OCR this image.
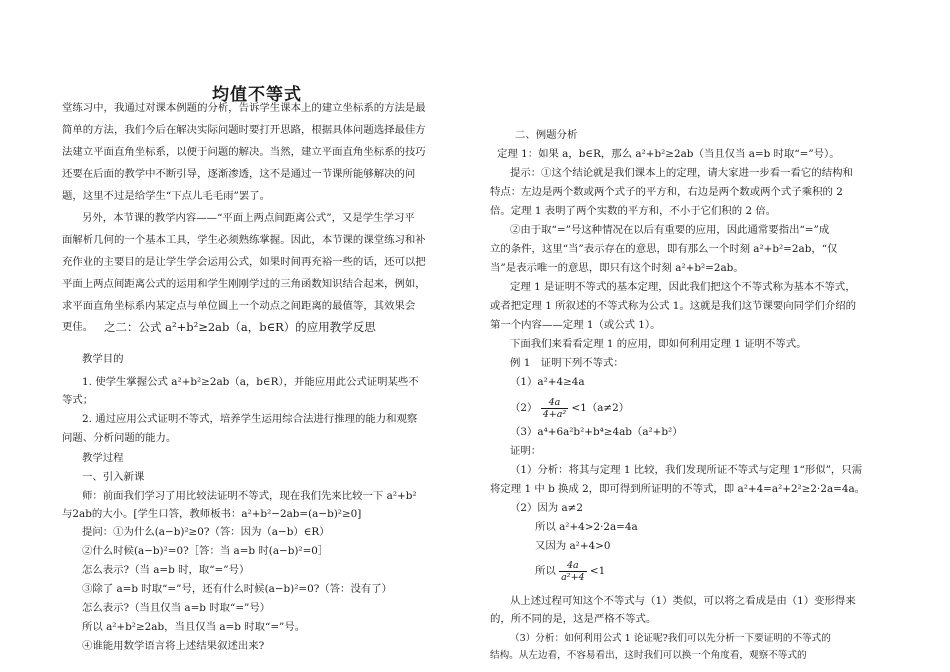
均值不等式
堂练习中，我通过对课本例题的分析，告诉学生课本上的建立坐标系的方法是最
简单的方法，我们今后在解决实际问题时要打开思路，根据具体问题选择最佳方
法建立平面直角坐标系，以便于问题的解决。当然，建立平面直角坐标系的技巧
还要在后面的教学中不断引导，逐渐渗透，这不是通过一节课所能够解决的问
题，这里不过是给学生“下点儿毛毛雨”罢了。
另外，本节课的教学内容——“平面上两点间距离公式”，又是学生学习平
面解析几何的一个基本工具，学生必须熟练掌握。因此，本节课的课堂练习和补
充作业的主要目的是让学生学会运用公式，如果时间再充裕一些的话，还可以把
平面上两点间距离公式的运用和学生刚刚学过的三角函数知识结合起来，例如，
求平面直角坐标系内某定点与单位圆上一个动点之间距离的最值等，其效果会
更佳。 之二：公式 a²+b²≥2ab（a，b∈R）的应用教学反思
教学目的
1. 使学生掌握公式 a²+b²≥2ab（a，b∈R），并能应用此公式证明某些不
等式；
2. 通过应用公式证明不等式，培养学生运用综合法进行推理的能力和观察
问题、分析问题的能力。
教学过程
一、引入新课
师：前面我们学习了用比较法证明不等式，现在我们先来比较一下 a²+b²
与2ab的大小。[学生口答，教师板书：a²+b²−2ab=(a−b)²≥0]
提问：①为什么(a−b)²≥0?（答：因为（a−b）∈R）
②什么时候(a−b)²=0?［答：当 a=b 时(a−b)²=0］
怎么表示?（当 a=b 时，取“=”号）
③除了 a=b 时取“=”号，还有什么时候(a−b)²=0?（答：没有了）
怎么表示?（当且仅当 a=b 时取“=”号）
所以 a²+b²≥2ab，当且仅当 a=b 时取“=”号。
④谁能用数学语言将上述结果叙述出来?
二、例题分析
定理 1：如果 a，b∈R，那么 a²+b²≥2ab（当且仅当 a=b 时取“=”号）。
提示：①这个结论就是我们课本上的定理，请大家进一步看一看它的结构和
特点：左边是两个数或两个式子的平方和，右边是两个数或两个式子乘积的 2
倍。定理 1 表明了两个实数的平方和，不小于它们积的 2 倍。
②由于取“=”号这种情况在以后有重要的应用，因此通常要指出“=”成
立的条件，这里“当”表示存在的意思，即有那么一个时刻 a²+b²=2ab，“仅
当”是表示唯一的意思，即只有这个时刻 a²+b²=2ab。
定理 1 是证明不等式的基本定理，因此我们把这个不等式称为基本不等式，
或者把定理 1 所叙述的不等式称为公式 1。这就是我们这节课要向同学们介绍的
第一个内容——定理 1（或公式 1）。
下面我们来看看定理 1 的应用，即如何利用定理 1 证明不等式。
例 1　证明下列不等式：
（1）a²+4≥4a
$(2) \frac{4a}{\text{4+a²}} <1(a\ne 2)$
（3）a⁴+6a²b²+b⁴≥4ab（a²+b²）
证明：
（1）分析：将其与定理 1 比较，我们发现所证不等式与定理 1“形似”，只需
将定理 1 中 b 换成 2，即可得到所证明的不等式，即 a²+4=a²+2²≥2·2a=4a。
（2）因为 a≠2
所以 a²+4>2·2a=4a
又因为 a²+4>0
所以 $\frac{4a}{\text{a²+4}} <1$
从上述过程可知这个不等式与（1）类似，可以将之看成是由（1）变形得来
的，所不同的是，这是严格不等式。
（3）分析：如何利用公式 1 论证呢?我们可以先分析一下要证明的不等式的
结构。从左边看，不容易看出，这时我们可以换一个角度看，观察不等式的
